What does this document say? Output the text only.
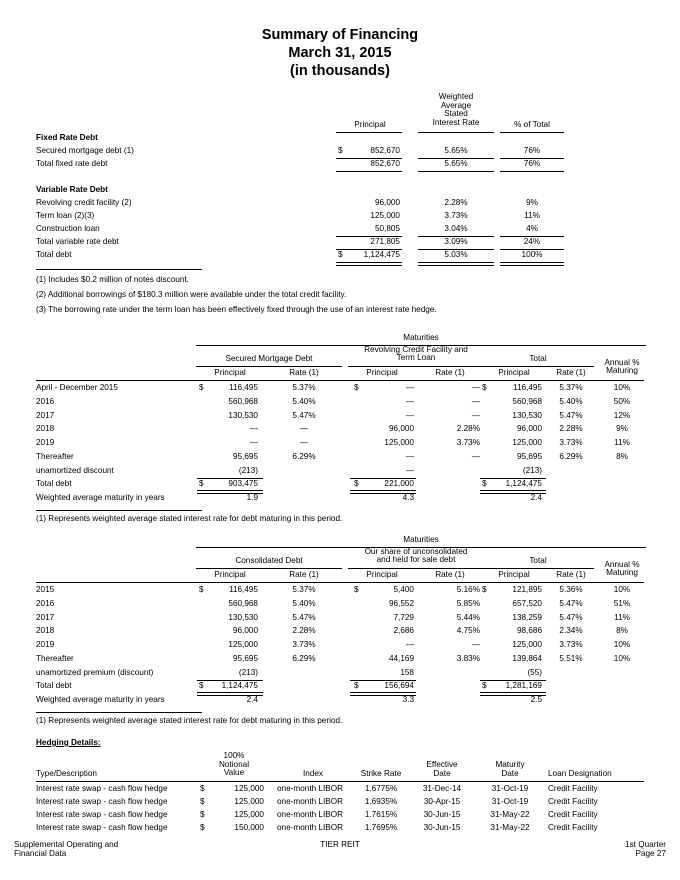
Summary of Financing
March 31, 2015
(in thousands)
Weighted
Average
Stated
Interest Rate
Principal	% of Total
Fixed Rate Debt
Variable Rate Debt
Secured mortgage debt (1)	$	852,670	5.65%	76%
Total fixed rate debt	852,670	5.65%	76%
Revolving credit facility (2)	96,000	2.28%	9%
Term loan (2)(3)	125,000	3.73%	11%
Construction loan	50,805	3.04%	4%
Total variable rate debt	271,805	3.09%	24%
Total debt	$	1,124,475	5.03%	100%
(1) Includes $0.2 million of notes discount.
(2) Additional borrowings of $180.3 million were available under the total credit facility.
(3) The borrowing rate under the term loan has been effectively fixed through the use of an interest rate hedge.
Maturities
Secured Mortgage Debt
Revolving Credit Facility and
Term Loan	Total	Annual %
Maturing
Principal	Rate (1)	Principal	Rate (1)	Principal	Rate (1)
April - December 2015	$	116,495	5.37%	$	—	— $	116,495	5.37%	10%
2016	560,968	5.40%	—	—	560,968	5.40%	50%
2017	130,530	5.47%	—	—	130,530	5.47%	12%
2018	—	—	96,000	2.28%	96,000	2.28%	9%
2019	—	—	125,000	3.73%	125,000	3.73%	11%
Thereafter	95,695	6.29%	—	—	95,695	6.29%	8%
unamortized discount	(213)	—	(213)
Total debt	$	903,475	$	221,000	$	1,124,475
Weighted average maturity in years	1.9	4.3	2.4
(1) Represents weighted average stated interest rate for debt maturing in this period.
Maturities
Consolidated Debt
Our share of unconsolidated
and held for sale debt	Total	Annual %
Maturing
Principal	Rate (1)	Principal	Rate (1)	Principal	Rate (1)
2015	$	116,495	5.37%	$	5,400	5.16% $	121,895	5.36%	10%
2016	560,968	5.40%	96,552	5.85%	657,520	5.47%	51%
2017	130,530	5.47%	7,729	5.44%	138,259	5.47%	11%
2018	96,000	2.28%	2,686	4.75%	98,686	2.34%	8%
2019	125,000	3.73%	—	—	125,000	3.73%	10%
Thereafter	95,695	6.29%	44,169	3.83%	139,864	5.51%	10%
unamortized premium (discount)	(213)	158	(55)
Total debt	$	1,124,475	$	156,694	$	1,281,169
Weighted average maturity in years	2.4	3.3	2.5
(1) Represents weighted average stated interest rate for debt maturing in this period.
Hedging Details:
100%
Notional
Value
Effective
Date
Maturity
Date
Type/Description	Index	Strike Rate	Loan Designation
Interest rate swap - cash flow hedge	$	125,000	one-month LIBOR	1.6775%	31-Dec-14	31-Oct-19	Credit Facility
Interest rate swap - cash flow hedge	$	125,000	one-month LIBOR	1.6935%	30-Apr-15	31-Oct-19	Credit Facility
Interest rate swap - cash flow hedge	$	125,000	one-month LIBOR	1.7615%	30-Jun-15	31-May-22	Credit Facility
Interest rate swap - cash flow hedge	$	150,000	one-month LIBOR	1.7695%	30-Jun-15	31-May-22	Credit Facility
Supplemental Operating and
Financial Data
TIER REIT	1st Quarter
Page 27
